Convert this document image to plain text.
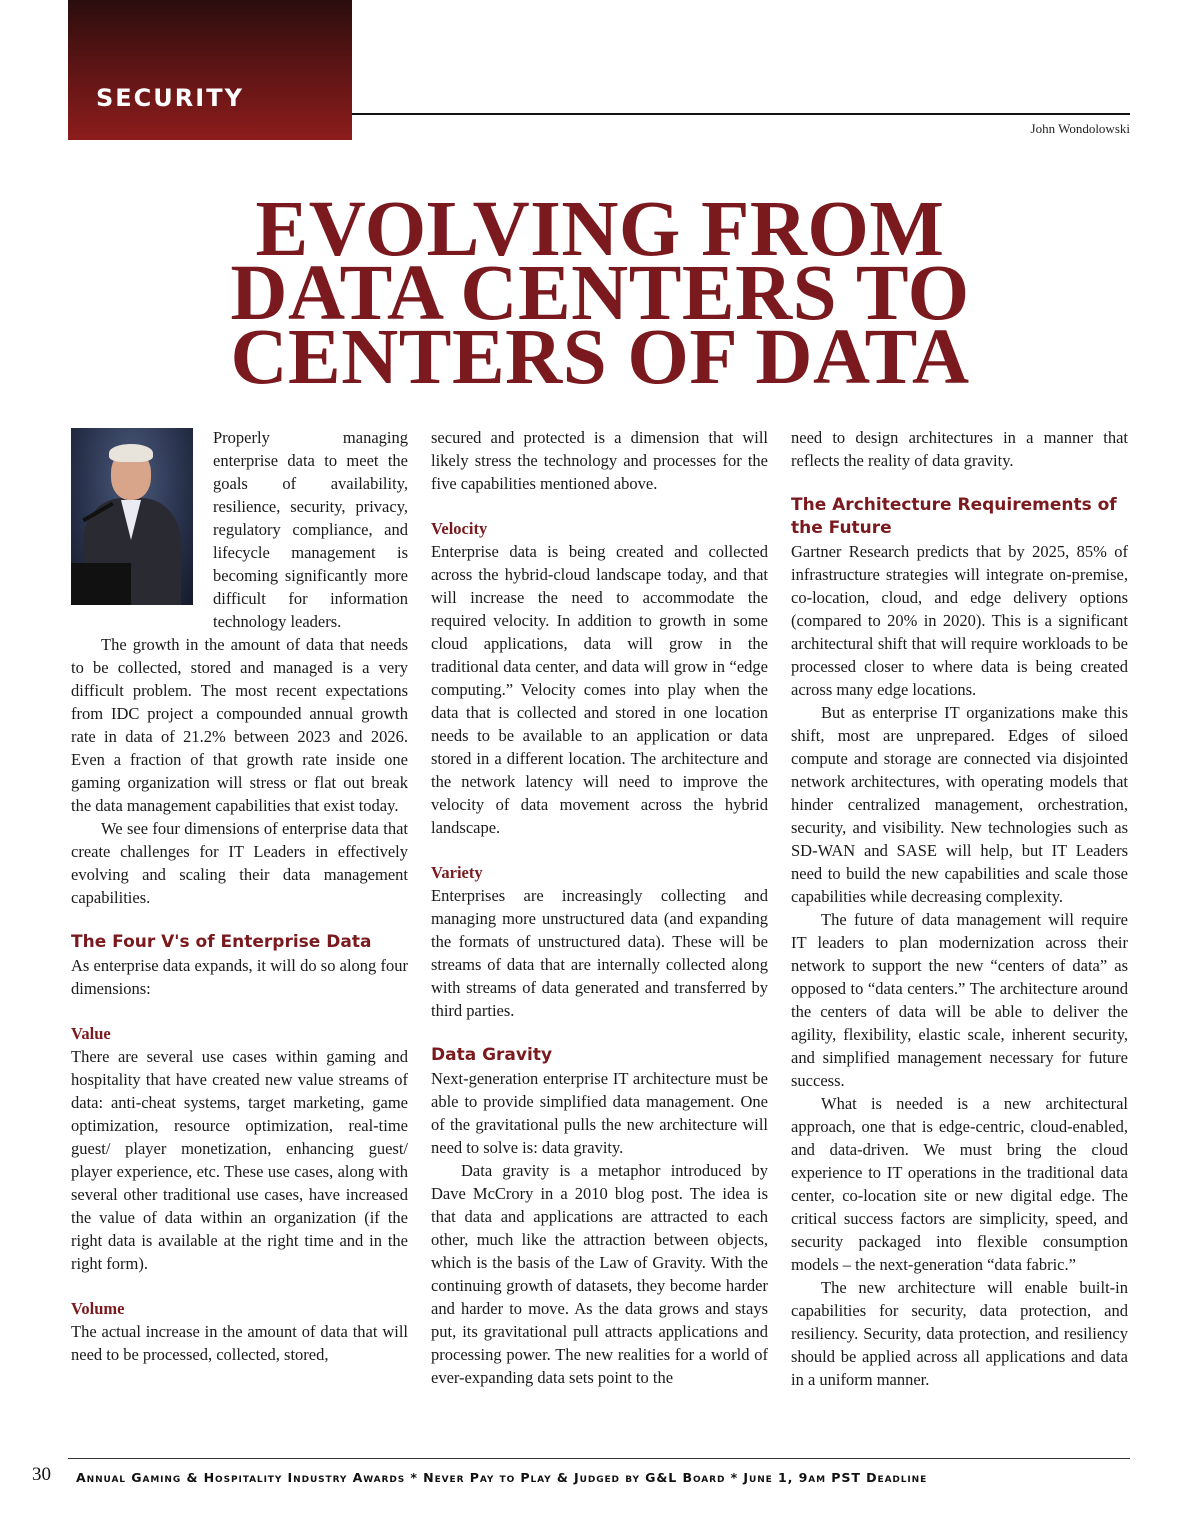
SECURITY
John Wondolowski
EVOLVING FROM
DATA CENTERS TO
CENTERS OF DATA

Properly managing enterprise data to meet the goals of availability, resilience, security, privacy, regulatory compliance, and lifecycle management is becoming significantly more difficult for information technology leaders.

The growth in the amount of data that needs to be collected, stored and managed is a very difficult problem. The most recent expectations from IDC project a compounded annual growth rate in data of 21.2% between 2023 and 2026. Even a fraction of that growth rate inside one gaming organization will stress or flat out break the data management capabilities that exist today.

We see four dimensions of enterprise data that create challenges for IT Leaders in effectively evolving and scaling their data management capabilities.

The Four V's of Enterprise Data

As enterprise data expands, it will do so along four dimensions:

Value

There are several use cases within gaming and hospitality that have created new value streams of data: anti-cheat systems, target marketing, game optimization, resource optimization, real-time guest/ player monetization, enhancing guest/ player experience, etc. These use cases, along with several other traditional use cases, have increased the value of data within an organization (if the right data is available at the right time and in the right form).

Volume

The actual increase in the amount of data that will need to be processed, collected, stored,

secured and protected is a dimension that will likely stress the technology and processes for the five capabilities mentioned above.

Velocity

Enterprise data is being created and collected across the hybrid-cloud landscape today, and that will increase the need to accommodate the required velocity. In addition to growth in some cloud applications, data will grow in the traditional data center, and data will grow in “edge computing.” Velocity comes into play when the data that is collected and stored in one location needs to be available to an application or data stored in a different location. The architecture and the network latency will need to improve the velocity of data movement across the hybrid landscape.

Variety

Enterprises are increasingly collecting and managing more unstructured data (and expanding the formats of unstructured data). These will be streams of data that are internally collected along with streams of data generated and transferred by third parties.

Data Gravity

Next-generation enterprise IT architecture must be able to provide simplified data management. One of the gravitational pulls the new architecture will need to solve is: data gravity.

Data gravity is a metaphor introduced by Dave McCrory in a 2010 blog post. The idea is that data and applications are attracted to each other, much like the attraction between objects, which is the basis of the Law of Gravity. With the continuing growth of datasets, they become harder and harder to move. As the data grows and stays put, its gravitational pull attracts applications and processing power. The new realities for a world of ever-expanding data sets point to the

need to design architectures in a manner that reflects the reality of data gravity.

The Architecture Requirements of the Future

Gartner Research predicts that by 2025, 85% of infrastructure strategies will integrate on-premise, co-location, cloud, and edge delivery options (compared to 20% in 2020). This is a significant architectural shift that will require workloads to be processed closer to where data is being created across many edge locations.

But as enterprise IT organizations make this shift, most are unprepared. Edges of siloed compute and storage are connected via disjointed network architectures, with operating models that hinder centralized management, orchestration, security, and visibility. New technologies such as SD-WAN and SASE will help, but IT Leaders need to build the new capabilities and scale those capabilities while decreasing complexity.

The future of data management will require IT leaders to plan modernization across their network to support the new “centers of data” as opposed to “data centers.” The architecture around the centers of data will be able to deliver the agility, flexibility, elastic scale, inherent security, and simplified management necessary for future success.

What is needed is a new architectural approach, one that is edge-centric, cloud-enabled, and data-driven. We must bring the cloud experience to IT operations in the traditional data center, co-location site or new digital edge. The critical success factors are simplicity, speed, and security packaged into flexible consumption models – the next-generation “data fabric.”

The new architecture will enable built-in capabilities for security, data protection, and resiliency. Security, data protection, and resiliency should be applied across all applications and data in a uniform manner.

30 Annual Gaming & Hospitality Industry Awards * Never Pay to Play & Judged by G&L Board * June 1, 9am PST Deadline
